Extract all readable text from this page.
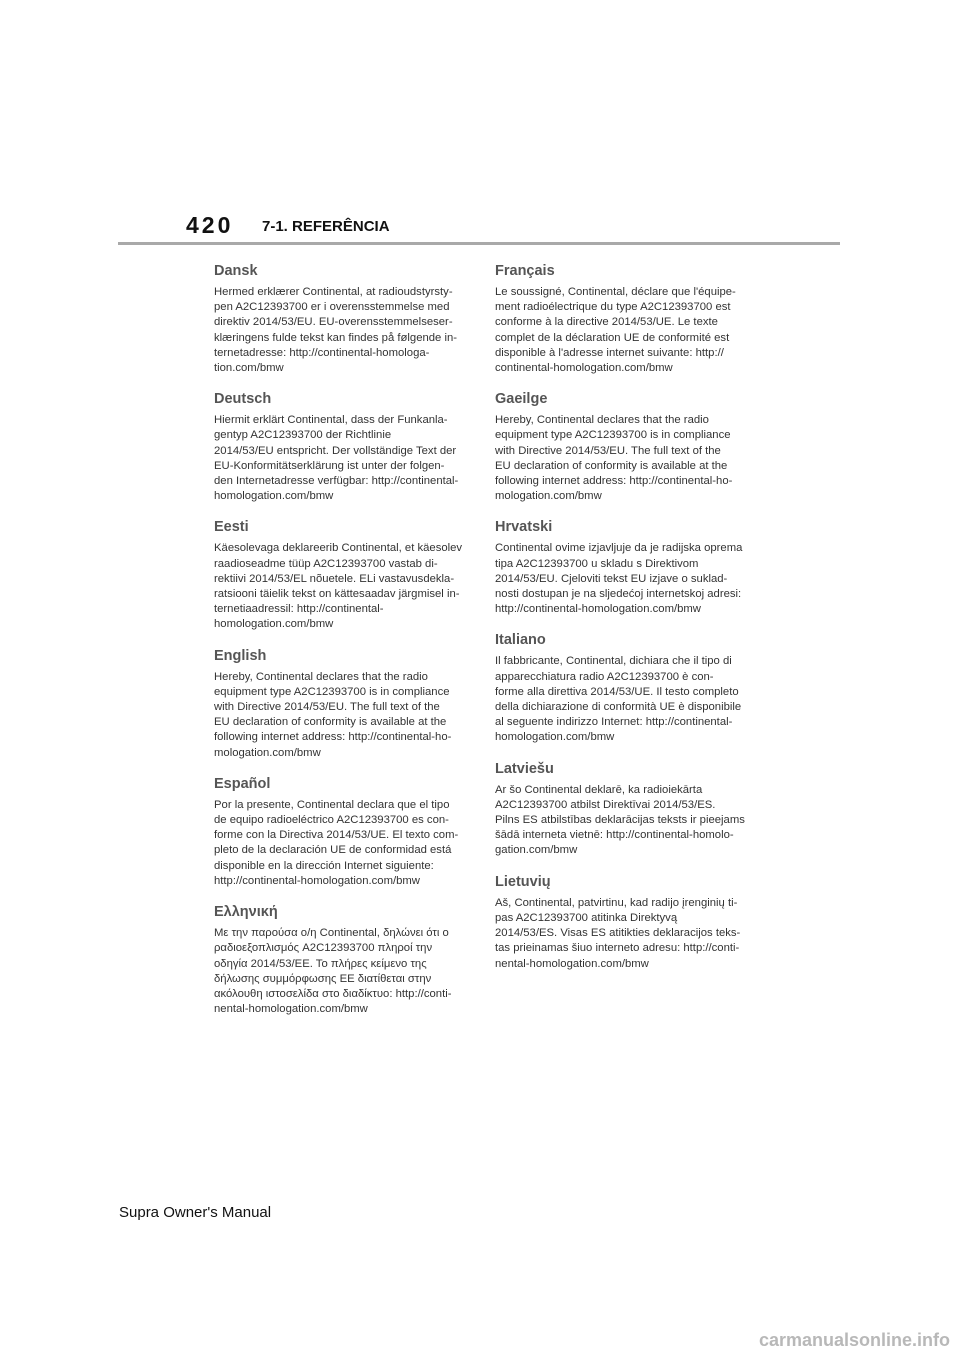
420 7-1. REFERÊNCIA
Dansk

Hermed erklærer Continental, at radioudstyrsty-
pen A2C12393700 er i overensstemmelse med
direktiv 2014/53/EU. EU-overensstemmelseser-
klæringens fulde tekst kan findes på følgende in-
ternetadresse: http://continental-homologa-
tion.com/bmw

Deutsch

Hiermit erklärt Continental, dass der Funkanla-
gentyp A2C12393700 der Richtlinie
2014/53/EU entspricht. Der vollständige Text der
EU-Konformitätserklärung ist unter der folgen-
den Internetadresse verfügbar: http://continental-
homologation.com/bmw

Eesti

Käesolevaga deklareerib Continental, et käesolev
raadioseadme tüüp A2C12393700 vastab di-
rektiivi 2014/53/EL nõuetele. ELi vastavusdekla-
ratsiooni täielik tekst on kättesaadav järgmisel in-
ternetiaadressil: http://continental-
homologation.com/bmw

English

Hereby, Continental declares that the radio
equipment type A2C12393700 is in compliance
with Directive 2014/53/EU. The full text of the
EU declaration of conformity is available at the
following internet address: http://continental-ho-
mologation.com/bmw

Español

Por la presente, Continental declara que el tipo
de equipo radioeléctrico A2C12393700 es con-
forme con la Directiva 2014/53/UE. El texto com-
pleto de la declaración UE de conformidad está
disponible en la dirección Internet siguiente:
http://continental-homologation.com/bmw

Ελληνική

Με την παρούσα ο/η Continental, δηλώνει ότι ο
ραδιοεξοπλισμός A2C12393700 πληροί την
οδηγία 2014/53/ΕΕ. Το πλήρες κείμενο της
δήλωσης συμμόρφωσης ΕΕ διατίθεται στην
ακόλουθη ιστοσελίδα στο διαδίκτυο: http://conti-
nental-homologation.com/bmw

Français

Le soussigné, Continental, déclare que l'équipe-
ment radioélectrique du type A2C12393700 est
conforme à la directive 2014/53/UE. Le texte
complet de la déclaration UE de conformité est
disponible à l'adresse internet suivante: http://
continental-homologation.com/bmw

Gaeilge

Hereby, Continental declares that the radio
equipment type A2C12393700 is in compliance
with Directive 2014/53/EU. The full text of the
EU declaration of conformity is available at the
following internet address: http://continental-ho-
mologation.com/bmw

Hrvatski

Continental ovime izjavljuje da je radijska oprema
tipa A2C12393700 u skladu s Direktivom
2014/53/EU. Cjeloviti tekst EU izjave o suklad-
nosti dostupan je na sljedećoj internetskoj adresi:
http://continental-homologation.com/bmw

Italiano

Il fabbricante, Continental, dichiara che il tipo di
apparecchiatura radio A2C12393700 è con-
forme alla direttiva 2014/53/UE. Il testo completo
della dichiarazione di conformità UE è disponibile
al seguente indirizzo Internet: http://continental-
homologation.com/bmw

Latviešu

Ar šo Continental deklarē, ka radioiekārta
A2C12393700 atbilst Direktīvai 2014/53/ES.
Pilns ES atbilstības deklarācijas teksts ir pieejams
šādā interneta vietnē: http://continental-homolo-
gation.com/bmw

Lietuvių

Aš, Continental, patvirtinu, kad radijo įrenginių ti-
pas A2C12393700 atitinka Direktyvą
2014/53/ES. Visas ES atitikties deklaracijos teks-
tas prieinamas šiuo interneto adresu: http://conti-
nental-homologation.com/bmw

Supra Owner's Manual
carmanualsonline.info
